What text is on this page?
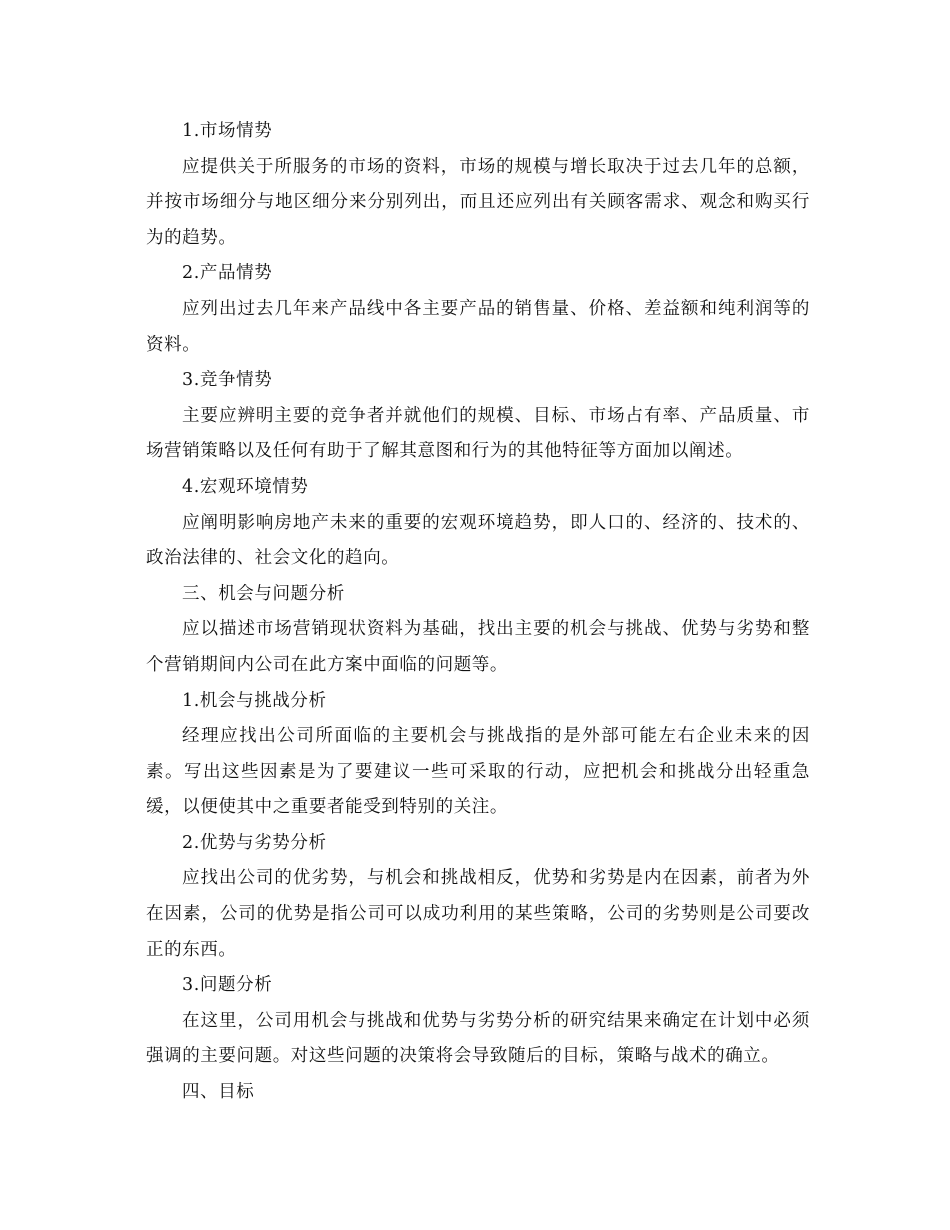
1.市场情势

应提供关于所服务的市场的资料，市场的规模与增长取决于过去几年的总额，并按市场细分与地区细分来分别列出，而且还应列出有关顾客需求、观念和购买行为的趋势。

2.产品情势

应列出过去几年来产品线中各主要产品的销售量、价格、差益额和纯利润等的资料。

3.竞争情势

主要应辨明主要的竞争者并就他们的规模、目标、市场占有率、产品质量、市场营销策略以及任何有助于了解其意图和行为的其他特征等方面加以阐述。

4.宏观环境情势

应阐明影响房地产未来的重要的宏观环境趋势，即人口的、经济的、技术的、政治法律的、社会文化的趋向。

三、机会与问题分析

应以描述市场营销现状资料为基础，找出主要的机会与挑战、优势与劣势和整个营销期间内公司在此方案中面临的问题等。

1.机会与挑战分析

经理应找出公司所面临的主要机会与挑战指的是外部可能左右企业未来的因素。写出这些因素是为了要建议一些可采取的行动，应把机会和挑战分出轻重急缓，以便使其中之重要者能受到特别的关注。

2.优势与劣势分析

应找出公司的优劣势，与机会和挑战相反，优势和劣势是内在因素，前者为外在因素，公司的优势是指公司可以成功利用的某些策略，公司的劣势则是公司要改正的东西。

3.问题分析

在这里，公司用机会与挑战和优势与劣势分析的研究结果来确定在计划中必须强调的主要问题。对这些问题的决策将会导致随后的目标，策略与战术的确立。

四、目标
